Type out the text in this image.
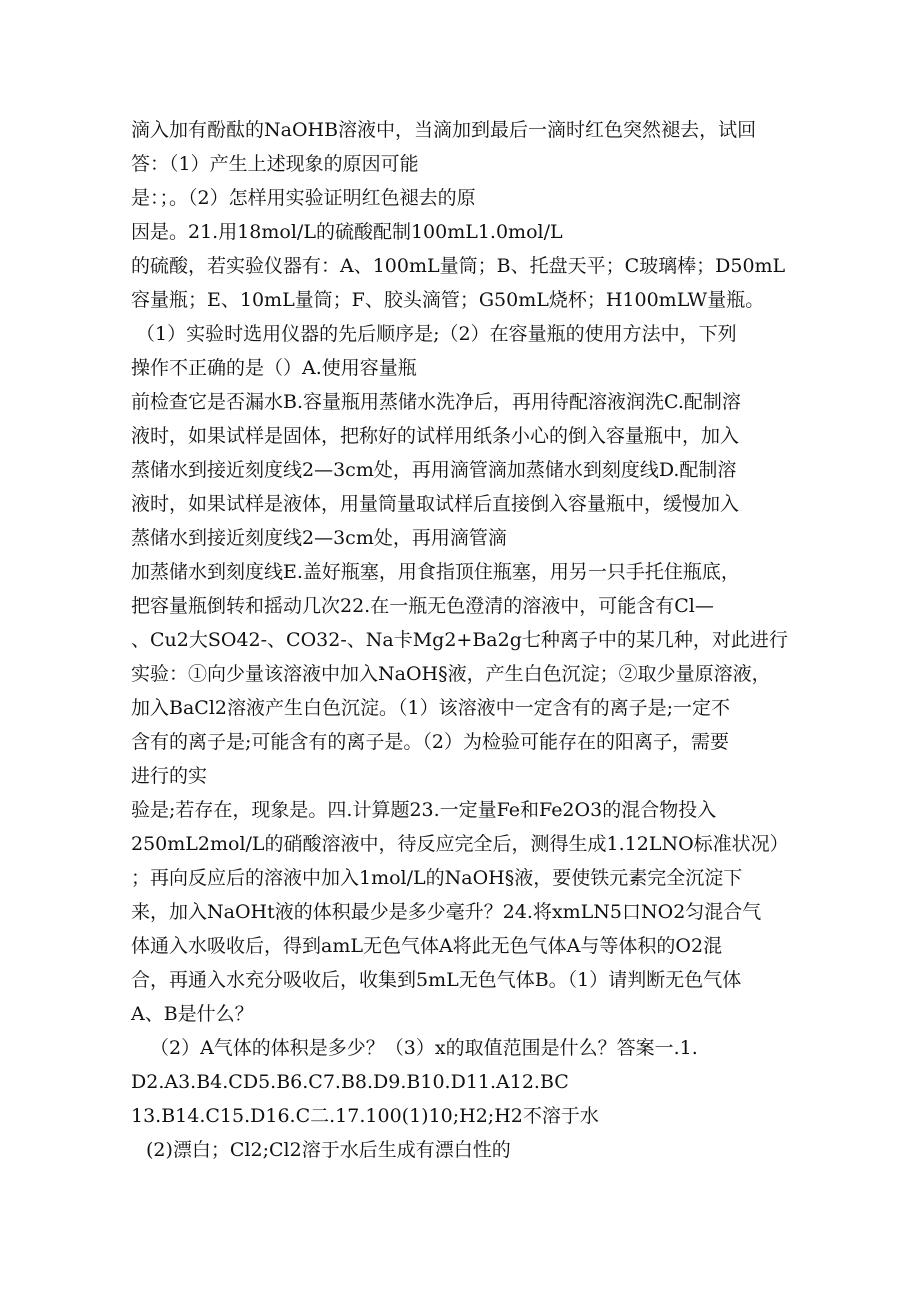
滴入加有酚酞的NaOHB溶液中，当滴加到最后一滴时红色突然褪去，试回
答：（1）产生上述现象的原因可能
是：；。（2）怎样用实验证明红色褪去的原
因是。21.用18mol/L的硫酸配制100mL1.0mol/L
的硫酸，若实验仪器有：A、100mL量筒；B、托盘天平；C玻璃棒；D50mL
容量瓶；E、10mL量筒；F、胶头滴管；G50mL烧杯；H100mLW量瓶。
（1）实验时选用仪器的先后顺序是;（2）在容量瓶的使用方法中，下列
操作不正确的是（）A.使用容量瓶
前检查它是否漏水B.容量瓶用蒸储水洗净后，再用待配溶液润洗C.配制溶
液时，如果试样是固体，把称好的试样用纸条小心的倒入容量瓶中，加入
蒸储水到接近刻度线2—3cm处，再用滴管滴加蒸储水到刻度线D.配制溶
液时，如果试样是液体，用量筒量取试样后直接倒入容量瓶中，缓慢加入
蒸储水到接近刻度线2—3cm处，再用滴管滴
加蒸储水到刻度线E.盖好瓶塞，用食指顶住瓶塞，用另一只手托住瓶底，
把容量瓶倒转和摇动几次22.在一瓶无色澄清的溶液中，可能含有Cl—
、Cu2大SO42-、CO32-、Na卡Mg2+Ba2g七种离子中的某几种，对此进行
实验：①向少量该溶液中加入NaOH§液，产生白色沉淀；②取少量原溶液，
加入BaCl2溶液产生白色沉淀。（1）该溶液中一定含有的离子是;一定不
含有的离子是;可能含有的离子是。（2）为检验可能存在的阳离子，需要
进行的实
验是;若存在，现象是。四.计算题23.一定量Fe和Fe2O3的混合物投入
250mL2mol/L的硝酸溶液中，待反应完全后，测得生成1.12LNO标准状况）
；再向反应后的溶液中加入1mol/L的NaOH§液，要使铁元素完全沉淀下
来，加入NaOHt液的体积最少是多少毫升？24.将xmLN5口NO2匀混合气
体通入水吸收后，得到amL无色气体A将此无色气体A与等体积的O2混
合，再通入水充分吸收后，收集到5mL无色气体B。（1）请判断无色气体
A、B是什么？
（2）A气体的体积是多少？（3）x的取值范围是什么？答案一.1.
D2.A3.B4.CD5.B6.C7.B8.D9.B10.D11.A12.BC
13.B14.C15.D16.C二.17.100(1)10;H2;H2不溶于水
(2)漂白；Cl2;Cl2溶于水后生成有漂白性的
